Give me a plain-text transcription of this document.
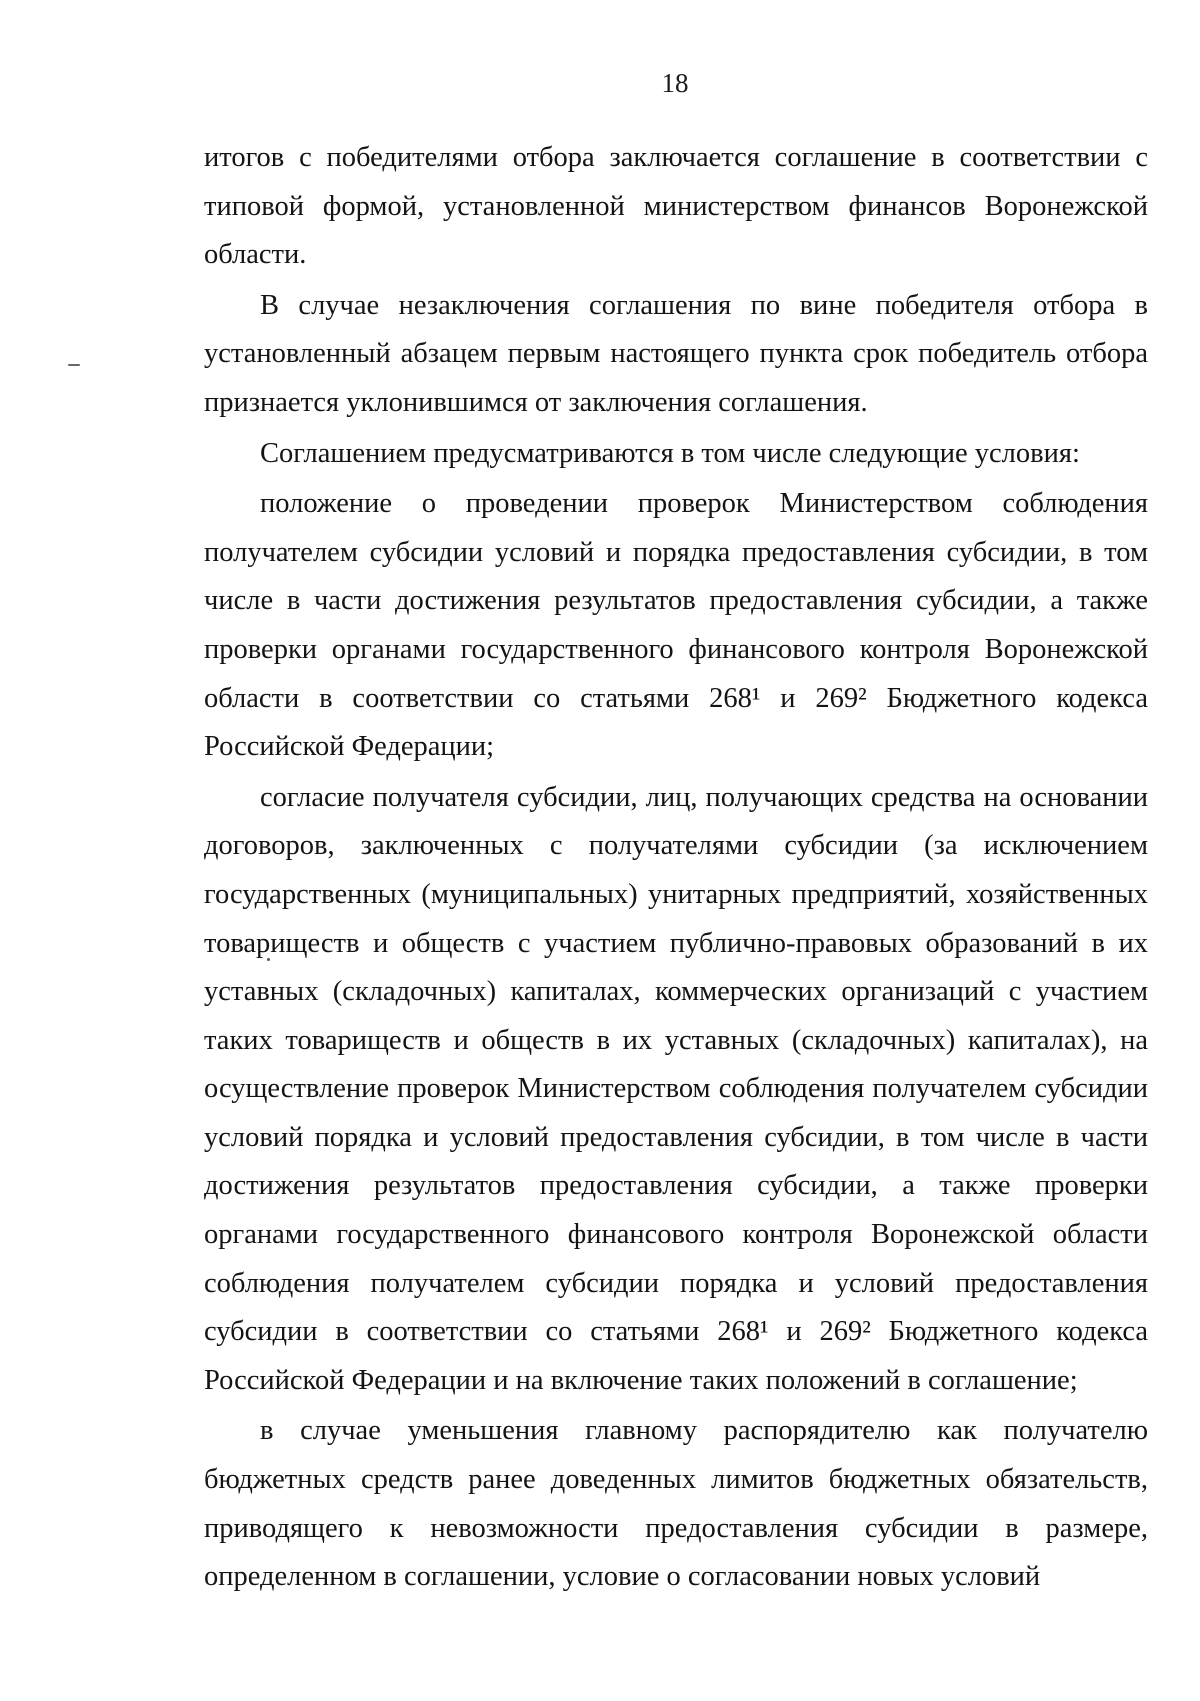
18

итогов с победителями отбора заключается соглашение в соответствии с типовой формой, установленной министерством финансов Воронежской области.

В случае незаключения соглашения по вине победителя отбора в установленный абзацем первым настоящего пункта срок победитель отбора признается уклонившимся от заключения соглашения.

Соглашением предусматриваются в том числе следующие условия:

положение о проведении проверок Министерством соблюдения получателем субсидии условий и порядка предоставления субсидии, в том числе в части достижения результатов предоставления субсидии, а также проверки органами государственного финансового контроля Воронежской области в соответствии со статьями 268¹ и 269² Бюджетного кодекса Российской Федерации;

согласие получателя субсидии, лиц, получающих средства на основании договоров, заключенных с получателями субсидии (за исключением государственных (муниципальных) унитарных предприятий, хозяйственных товариществ и обществ с участием публично-правовых образований в их уставных (складочных) капиталах, коммерческих организаций с участием таких товариществ и обществ в их уставных (складочных) капиталах), на осуществление проверок Министерством соблюдения получателем субсидии условий порядка и условий предоставления субсидии, в том числе в части достижения результатов предоставления субсидии, а также проверки органами государственного финансового контроля Воронежской области соблюдения получателем субсидии порядка и условий предоставления субсидии в соответствии со статьями 268¹ и 269² Бюджетного кодекса Российской Федерации и на включение таких положений в соглашение;

в случае уменьшения главному распорядителю как получателю бюджетных средств ранее доведенных лимитов бюджетных обязательств, приводящего к невозможности предоставления субсидии в размере, определенном в соглашении, условие о согласовании новых условий
